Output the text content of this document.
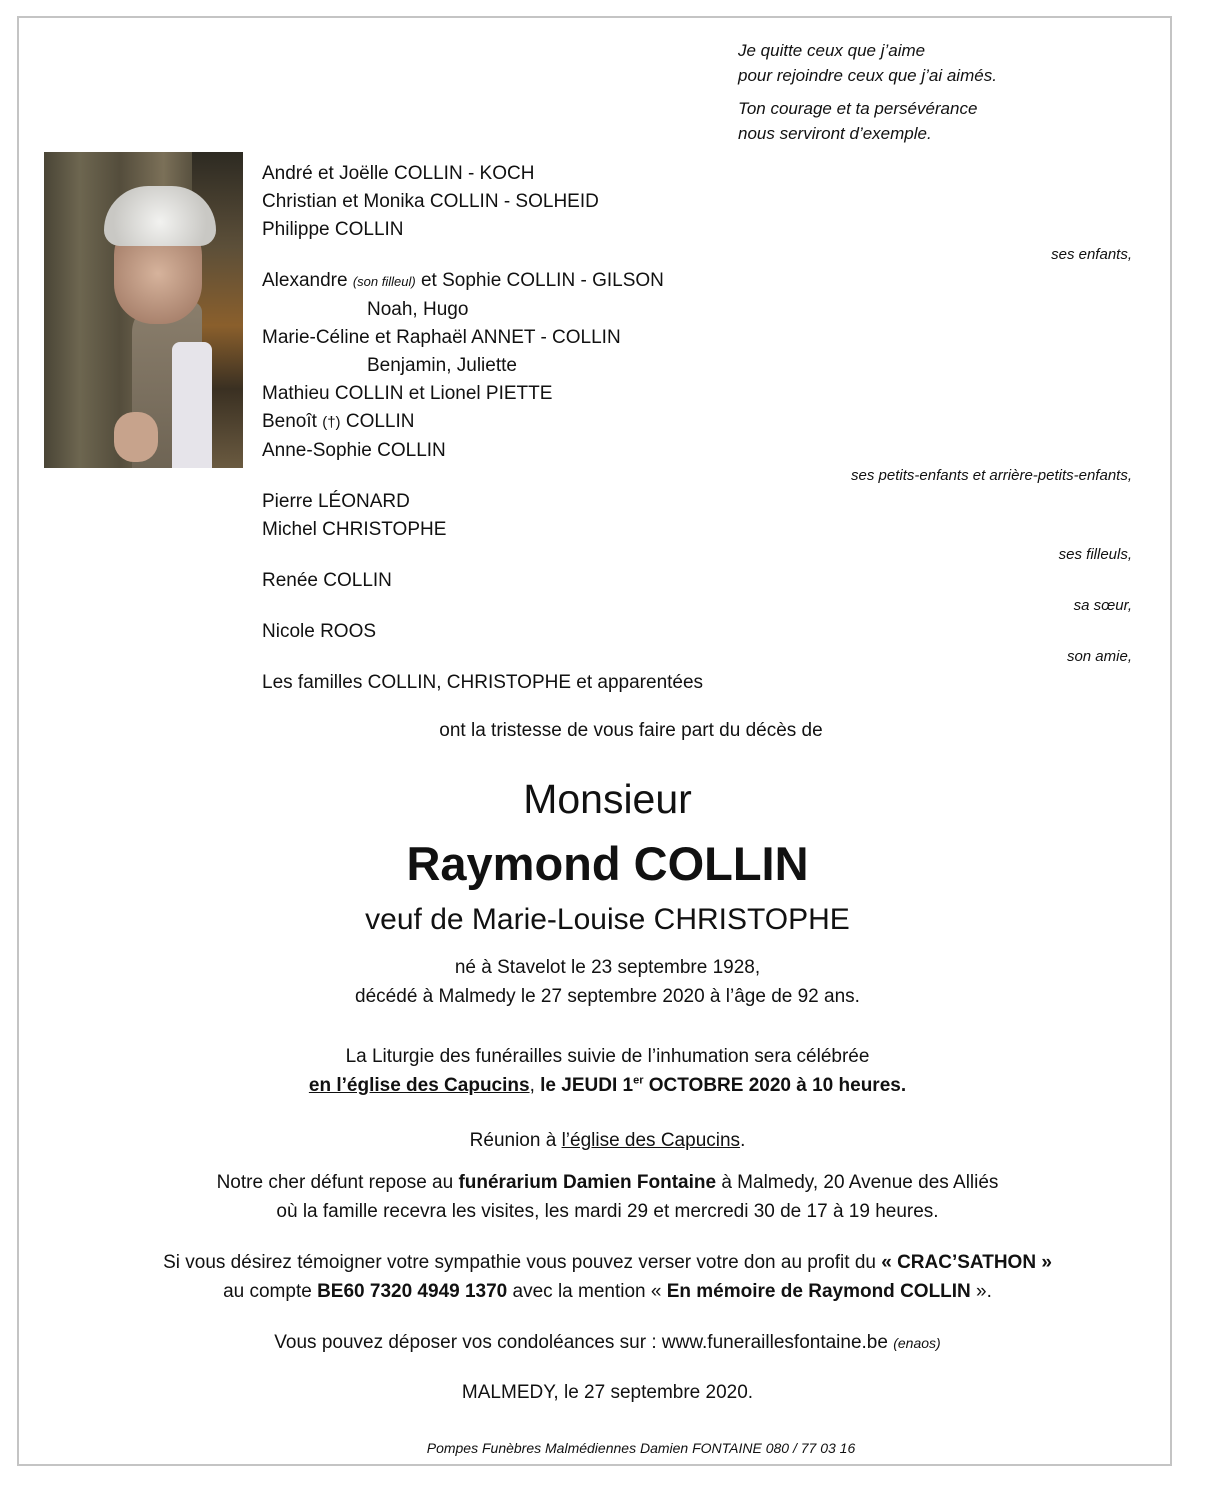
Je quitte ceux que j’aime
pour rejoindre ceux que j’ai aimés.
Ton courage et ta persévérance
nous serviront d’exemple.
André et Joëlle COLLIN - KOCH
Christian et Monika COLLIN - SOLHEID
Philippe COLLIN
ses enfants,
Alexandre (son filleul) et Sophie COLLIN - GILSON
Noah, Hugo
Marie-Céline et Raphaël ANNET - COLLIN
Benjamin, Juliette
Mathieu COLLIN et Lionel PIETTE
Benoît (†) COLLIN
Anne-Sophie COLLIN
ses petits-enfants et arrière-petits-enfants,
Pierre LÉONARD
Michel CHRISTOPHE
ses filleuls,
Renée COLLIN
sa sœur,
Nicole ROOS
son amie,
Les familles COLLIN, CHRISTOPHE et apparentées
ont la tristesse de vous faire part du décès de
Monsieur
Raymond COLLIN
veuf de Marie-Louise CHRISTOPHE
né à Stavelot le 23 septembre 1928,
décédé à Malmedy le 27 septembre 2020 à l’âge de 92 ans.
La Liturgie des funérailles suivie de l’inhumation sera célébrée
en l’église des Capucins, le JEUDI 1er OCTOBRE 2020 à 10 heures.
Réunion à l’église des Capucins.
Notre cher défunt repose au funérarium Damien Fontaine à Malmedy, 20 Avenue des Alliés
où la famille recevra les visites, les mardi 29 et mercredi 30 de 17 à 19 heures.
Si vous désirez témoigner votre sympathie vous pouvez verser votre don au profit du « CRAC’SATHON »
au compte BE60 7320 4949 1370 avec la mention « En mémoire de Raymond COLLIN ».
Vous pouvez déposer vos condoléances sur : www.funeraillesfontaine.be (enaos)
MALMEDY, le 27 septembre 2020.
Pompes Funèbres Malmédiennes Damien FONTAINE 080 / 77 03 16
